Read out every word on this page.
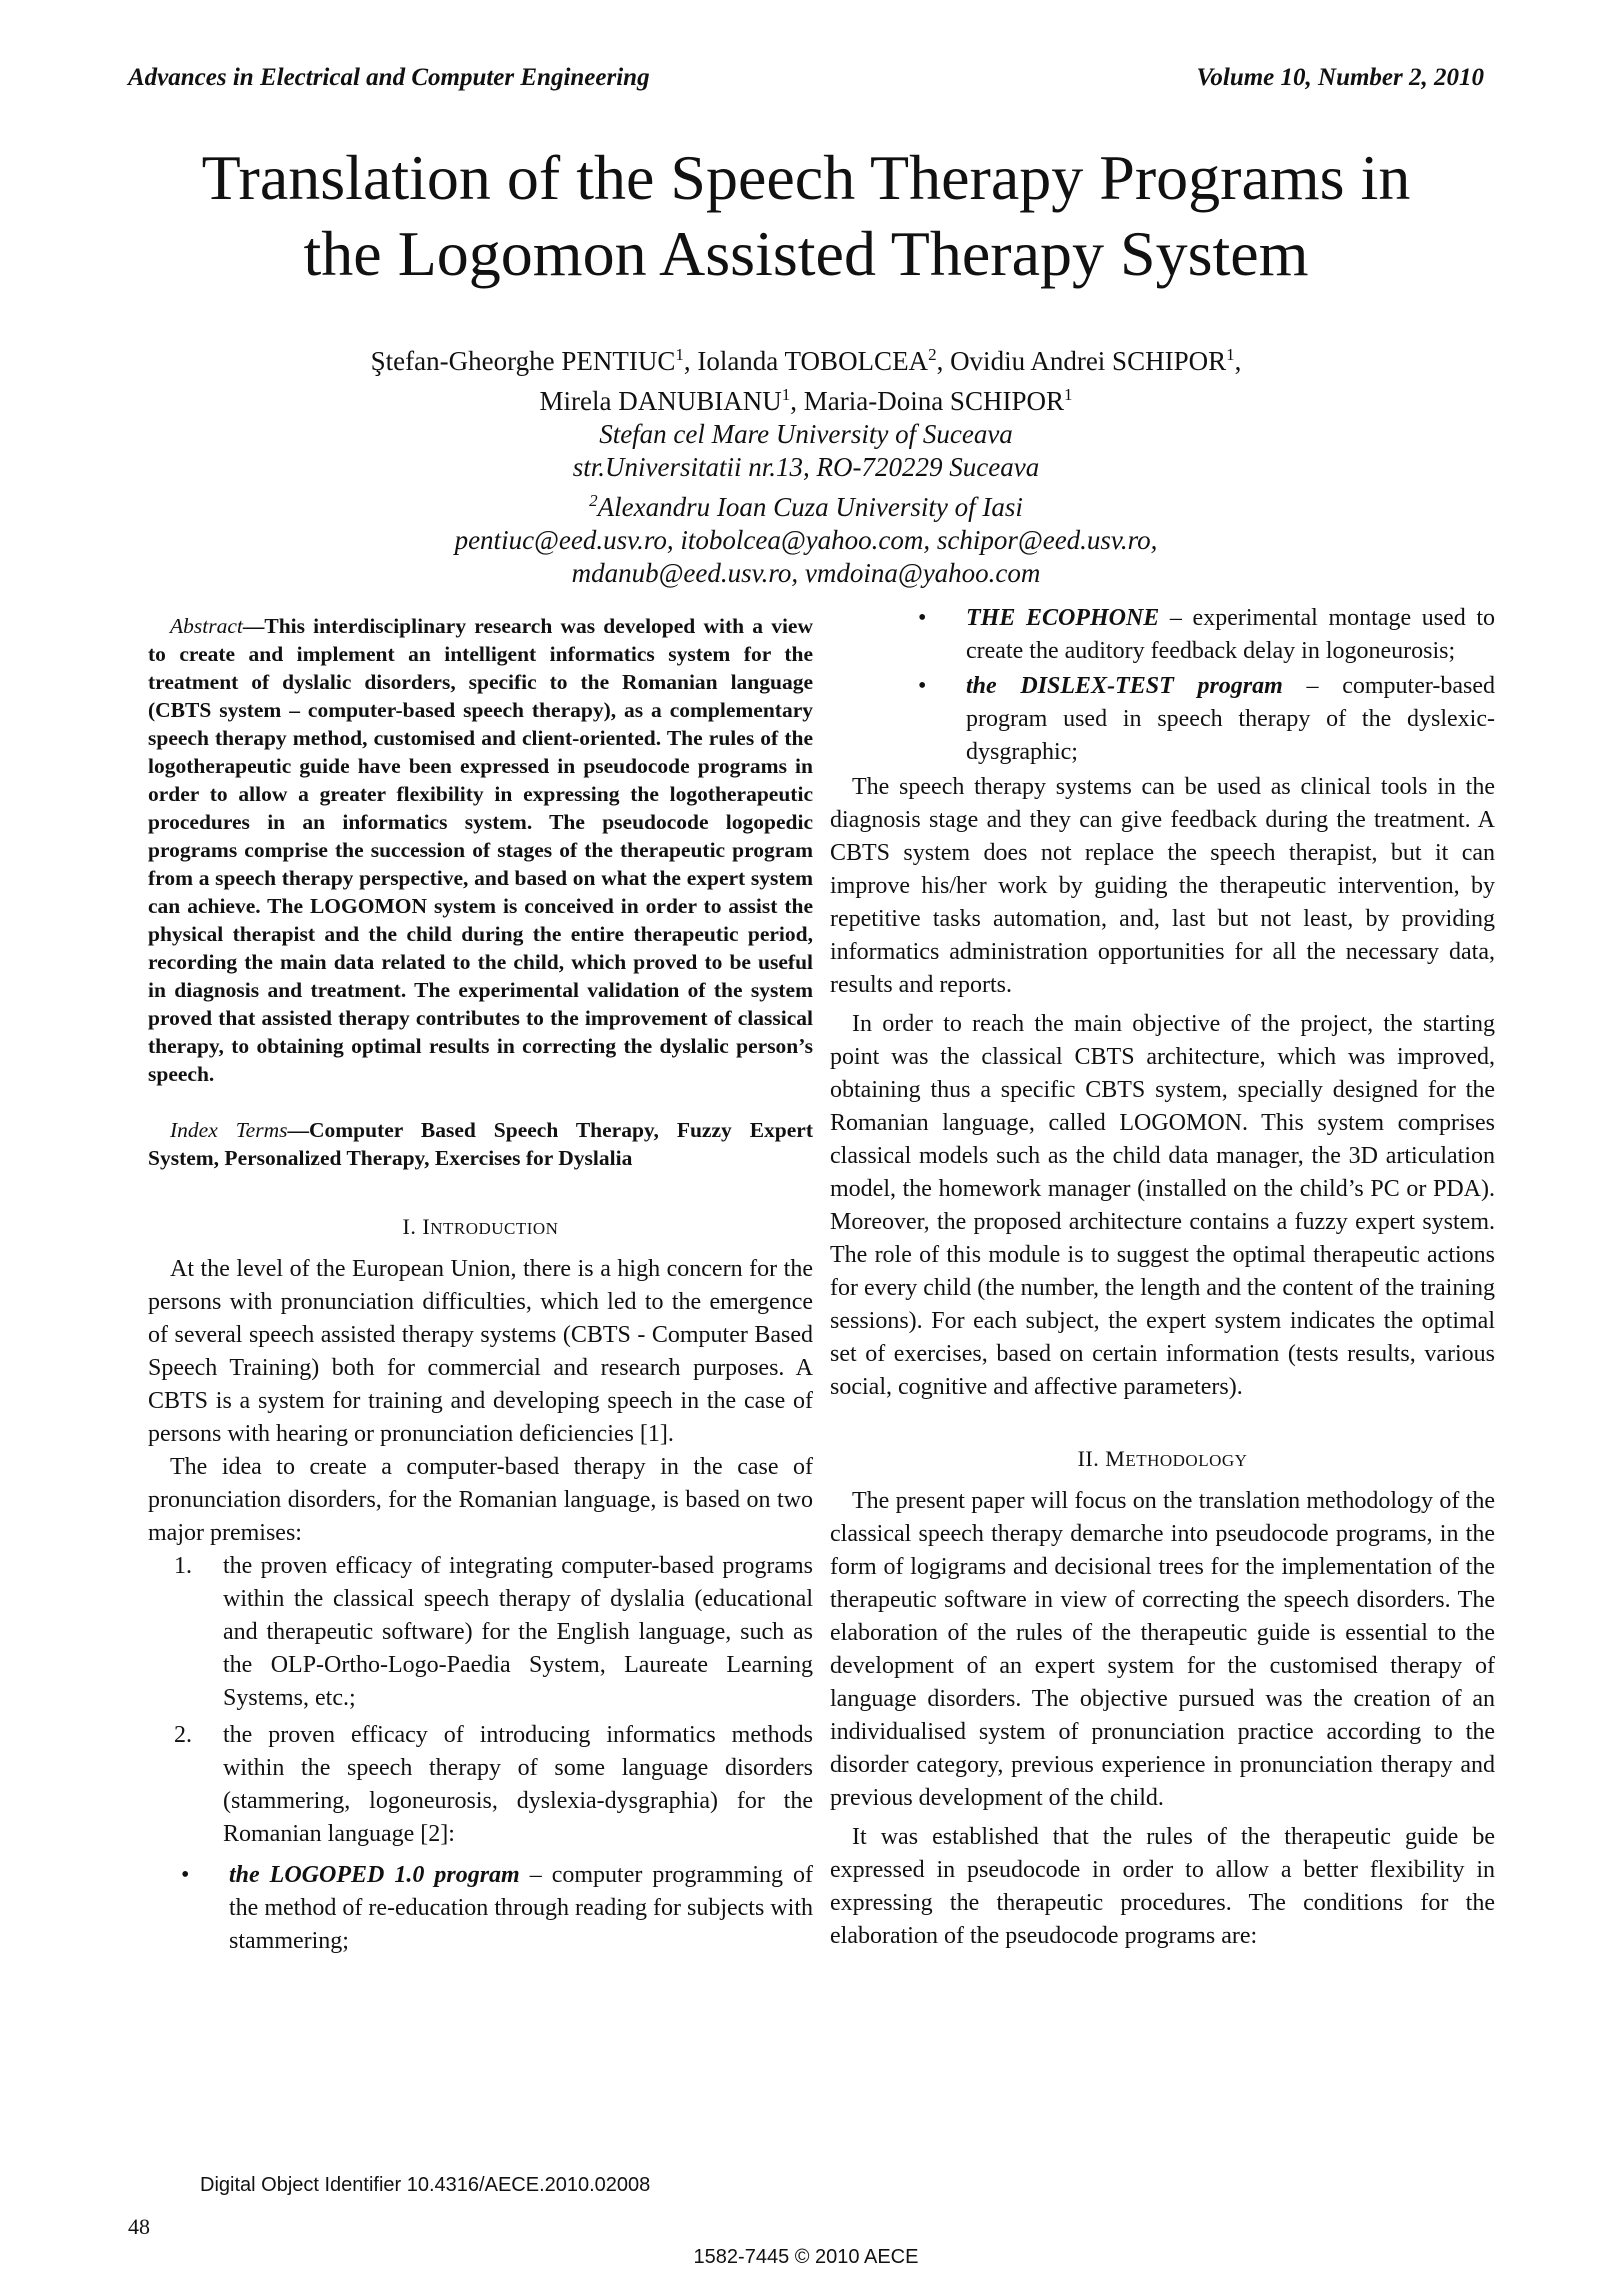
Advances in Electrical and Computer Engineering	Volume 10, Number 2, 2010
Translation of the Speech Therapy Programs in
the Logomon Assisted Therapy System
Ştefan-Gheorghe PENTIUC$^1$, Iolanda TOBOLCEA$^2$, Ovidiu Andrei SCHIPOR$^1$,
Mirela DANUBIANU$^1$, Maria-Doina SCHIPOR$^1$
Stefan cel Mare University of Suceava
str.Universitatii nr.13, RO-720229 Suceava
$^2$Alexandru Ioan Cuza University of Iasi
pentiuc@eed.usv.ro, itobolcea@yahoo.com, schipor@eed.usv.ro,
mdanub@eed.usv.ro, vmdoina@yahoo.com
Abstract—This interdisciplinary research was developed with a view to create and implement an intelligent informatics system for the treatment of dyslalic disorders, specific to the Romanian language (CBTS system – computer-based speech therapy), as a complementary speech therapy method, customised and client-oriented. The rules of the logotherapeutic guide have been expressed in pseudocode programs in order to allow a greater flexibility in expressing the logotherapeutic procedures in an informatics system. The pseudocode logopedic programs comprise the succession of stages of the therapeutic program from a speech therapy perspective, and based on what the expert system can achieve. The LOGOMON system is conceived in order to assist the physical therapist and the child during the entire therapeutic period, recording the main data related to the child, which proved to be useful in diagnosis and treatment. The experimental validation of the system proved that assisted therapy contributes to the improvement of classical therapy, to obtaining optimal results in correcting the dyslalic person’s speech.
Index Terms—Computer Based Speech Therapy, Fuzzy Expert System, Personalized Therapy, Exercises for Dyslalia
I. INTRODUCTION

At the level of the European Union, there is a high concern for the persons with pronunciation difficulties, which led to the emergence of several speech assisted therapy systems (CBTS - Computer Based Speech Training) both for commercial and research purposes. A CBTS is a system for training and developing speech in the case of persons with hearing or pronunciation deficiencies [1].

The idea to create a computer-based therapy in the case of pronunciation disorders, for the Romanian language, is based on two major premises:

1. the proven efficacy of integrating computer-based programs within the classical speech therapy of dyslalia (educational and therapeutic software) for the English language, such as the OLP-Ortho-Logo-Paedia System, Laureate Learning Systems, etc.;
2. the proven efficacy of introducing informatics methods within the speech therapy of some language disorders (stammering, logoneurosis, dyslexia-dysgraphia) for the Romanian language [2]:
• the LOGOPED 1.0 program – computer programming of the method of re-education through reading for subjects with stammering;
• THE ECOPHONE – experimental montage used to create the auditory feedback delay in logoneurosis;
• the DISLEX-TEST program – computer-based program used in speech therapy of the dyslexic-dysgraphic;

The speech therapy systems can be used as clinical tools in the diagnosis stage and they can give feedback during the treatment. A CBTS system does not replace the speech therapist, but it can improve his/her work by guiding the therapeutic intervention, by repetitive tasks automation, and, last but not least, by providing informatics administration opportunities for all the necessary data, results and reports.

In order to reach the main objective of the project, the starting point was the classical CBTS architecture, which was improved, obtaining thus a specific CBTS system, specially designed for the Romanian language, called LOGOMON. This system comprises classical models such as the child data manager, the 3D articulation model, the homework manager (installed on the child’s PC or PDA). Moreover, the proposed architecture contains a fuzzy expert system. The role of this module is to suggest the optimal therapeutic actions for every child (the number, the length and the content of the training sessions). For each subject, the expert system indicates the optimal set of exercises, based on certain information (tests results, various social, cognitive and affective parameters).

II. METHODOLOGY

The present paper will focus on the translation methodology of the classical speech therapy demarche into pseudocode programs, in the form of logigrams and decisional trees for the implementation of the therapeutic software in view of correcting the speech disorders. The elaboration of the rules of the therapeutic guide is essential to the development of an expert system for the customised therapy of language disorders. The objective pursued was the creation of an individualised system of pronunciation practice according to the disorder category, previous experience in pronunciation therapy and previous development of the child.

It was established that the rules of the therapeutic guide be expressed in pseudocode in order to allow a better flexibility in expressing the therapeutic procedures. The conditions for the elaboration of the pseudocode programs are:

Digital Object Identifier 10.4316/AECE.2010.02008
48
1582-7445 © 2010 AECE
